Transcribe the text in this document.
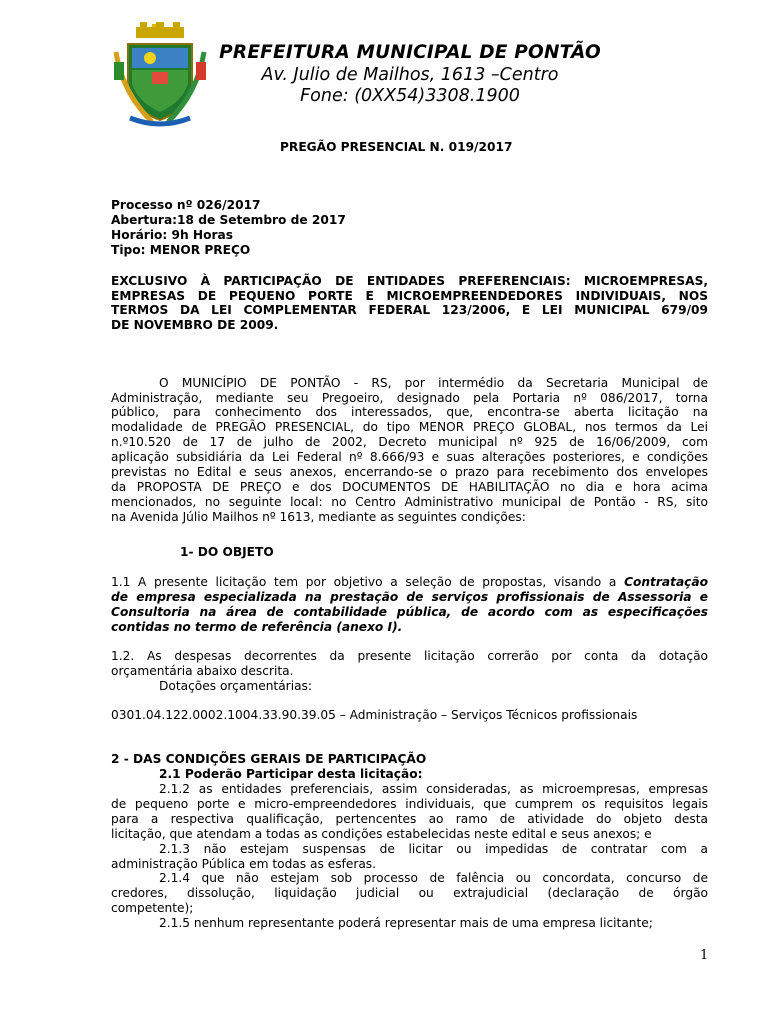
PREFEITURA MUNICIPAL DE PONTÃO
Av. Julio de Mailhos, 1613 –Centro
Fone: (0XX54)3308.1900
PREGÃO PRESENCIAL N. 019/2017
Processo nº 026/2017
Abertura:18 de Setembro de 2017
Horário: 9h Horas
Tipo: MENOR PREÇO
EXCLUSIVO À PARTICIPAÇÃO DE ENTIDADES PREFERENCIAIS: MICROEMPRESAS,
EMPRESAS DE PEQUENO PORTE E MICROEMPREENDEDORES INDIVIDUAIS, NOS
TERMOS DA LEI COMPLEMENTAR FEDERAL 123/2006, E LEI MUNICIPAL 679/09
DE NOVEMBRO DE 2009.
O MUNICÍPIO DE PONTÃO - RS, por intermédio da Secretaria Municipal de
Administração, mediante seu Pregoeiro, designado pela Portaria nº 086/2017, torna
público, para conhecimento dos interessados, que, encontra-se aberta licitação na
modalidade de PREGÃO PRESENCIAL, do tipo MENOR PREÇO GLOBAL, nos termos da Lei
n.º10.520 de 17 de julho de 2002, Decreto municipal nº 925 de 16/06/2009, com
aplicação subsidiária da Lei Federal nº 8.666/93 e suas alterações posteriores, e condições
previstas no Edital e seus anexos, encerrando-se o prazo para recebimento dos envelopes
da PROPOSTA DE PREÇO e dos DOCUMENTOS DE HABILITAÇÃO no dia e hora acima
mencionados, no seguinte local: no Centro Administrativo municipal de Pontão - RS, sito
na Avenida Júlio Mailhos nº 1613, mediante as seguintes condições:
1- DO OBJETO
1.1 A presente licitação tem por objetivo a seleção de propostas, visando a Contratação
de empresa especializada na prestação de serviços profissionais de Assessoria e
Consultoria na área de contabilidade pública, de acordo com as especificações
contidas no termo de referência (anexo I).
1.2. As despesas decorrentes da presente licitação correrão por conta da dotação
orçamentária abaixo descrita.
Dotações orçamentárias:
0301.04.122.0002.1004.33.90.39.05 – Administração – Serviços Técnicos profissionais
2 - DAS CONDIÇÕES GERAIS DE PARTICIPAÇÃO
2.1 Poderão Participar desta licitação:
2.1.2 as entidades preferenciais, assim consideradas, as microempresas, empresas
de pequeno porte e micro-empreendedores individuais, que cumprem os requisitos legais
para a respectiva qualificação, pertencentes ao ramo de atividade do objeto desta
licitação, que atendam a todas as condições estabelecidas neste edital e seus anexos; e
2.1.3 não estejam suspensas de licitar ou impedidas de contratar com a
administração Pública em todas as esferas.
2.1.4 que não estejam sob processo de falência ou concordata, concurso de
credores, dissolução, liquidação judicial ou extrajudicial (declaração de órgão
competente);
2.1.5 nenhum representante poderá representar mais de uma empresa licitante;
1
